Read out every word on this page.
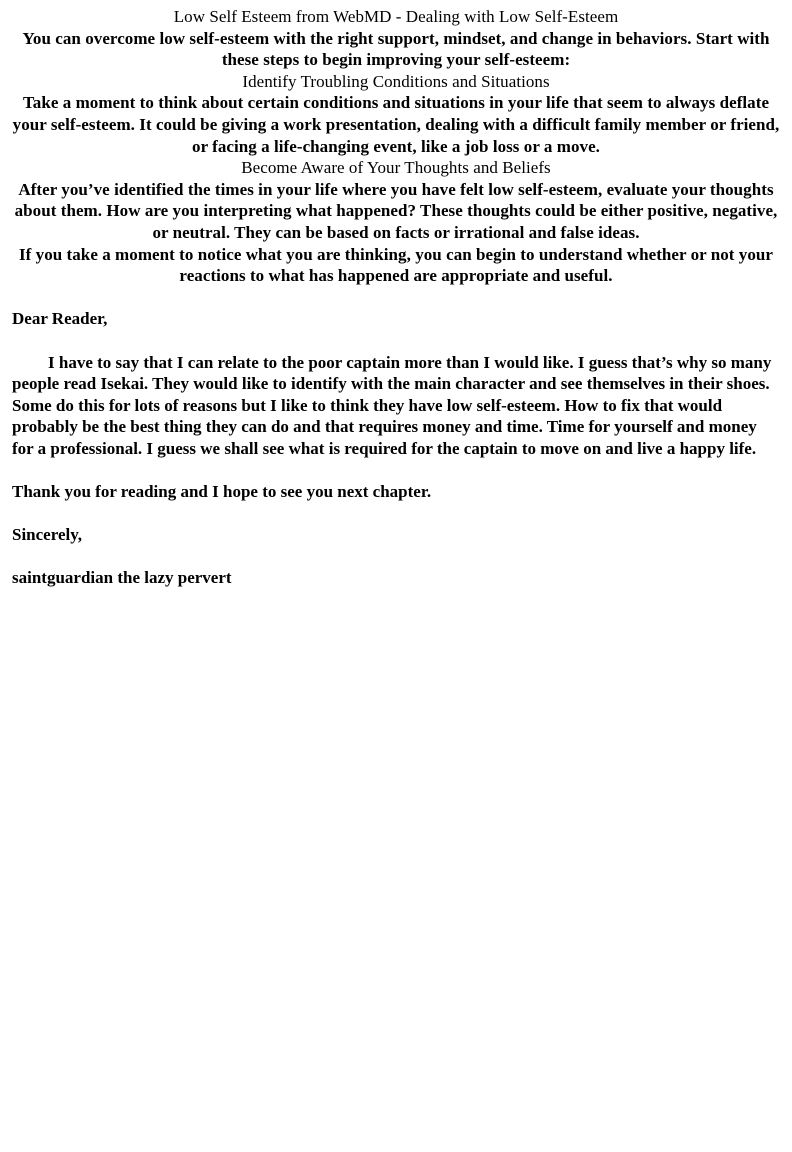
Low Self Esteem from WebMD - Dealing with Low Self-Esteem

You can overcome low self-esteem with the right support, mindset, and change in behaviors. Start with these steps to begin improving your self-esteem:

Identify Troubling Conditions and Situations

Take a moment to think about certain conditions and situations in your life that seem to always deflate your self-esteem. It could be giving a work presentation, dealing with a difficult family member or friend, or facing a life-changing event, like a job loss or a move.

Become Aware of Your Thoughts and Beliefs

After you’ve identified the times in your life where you have felt low self-esteem, evaluate your thoughts about them. How are you interpreting what happened? These thoughts could be either positive, negative, or neutral. They can be based on facts or irrational and false ideas.

If you take a moment to notice what you are thinking, you can begin to understand whether or not your reactions to what has happened are appropriate and useful.

Dear Reader,

I have to say that I can relate to the poor captain more than I would like. I guess that’s why so many people read Isekai. They would like to identify with the main character and see themselves in their shoes. Some do this for lots of reasons but I like to think they have low self-esteem. How to fix that would probably be the best thing they can do and that requires money and time. Time for yourself and money for a professional. I guess we shall see what is required for the captain to move on and live a happy life.

Thank you for reading and I hope to see you next chapter.

Sincerely,

saintguardian the lazy pervert
